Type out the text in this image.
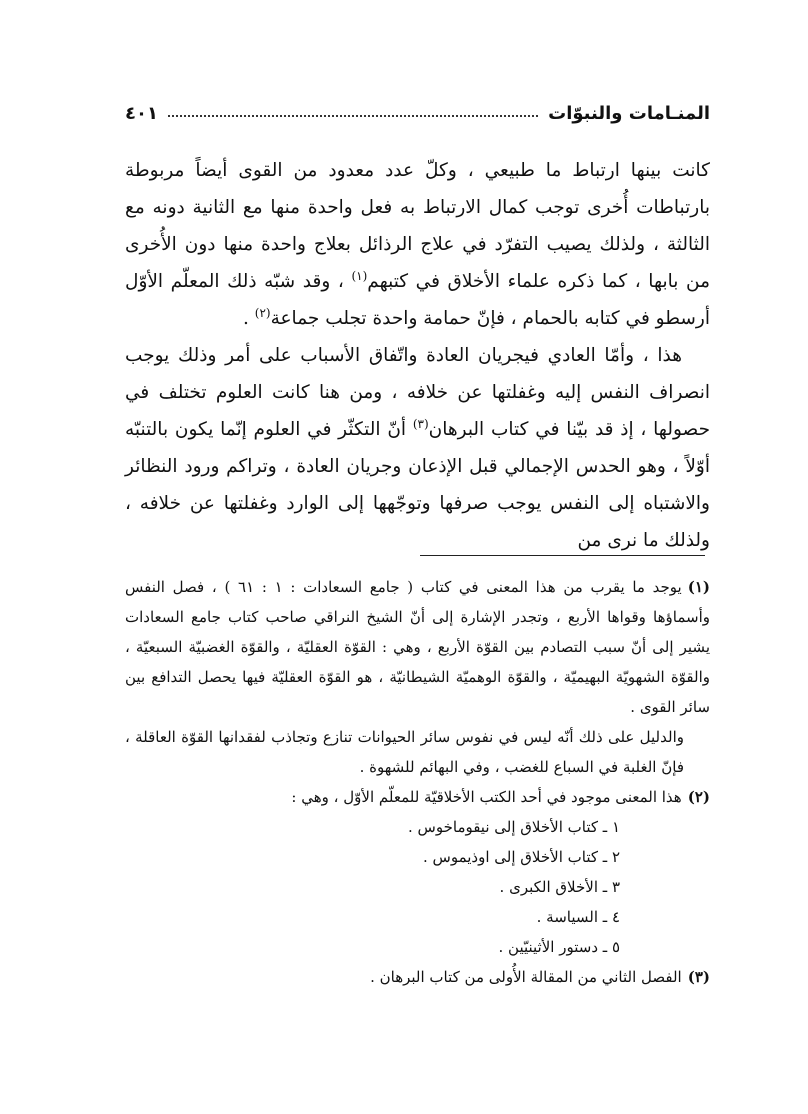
المنـامات والنبوّات
٤٠١

كانت بينها ارتباط ما طبيعي ، وكلّ عدد معدود من القوى أيضاً مربوطة بارتباطات أُخرى توجب كمال الارتباط به فعل واحدة منها مع الثانية دونه مع الثالثة ، ولذلك يصيب التفرّد في علاج الرذائل بعلاج واحدة منها دون الأُخرى من بابها ، كما ذكره علماء الأخلاق في كتبهم$^{(١)}$ ، وقد شبّه ذلك المعلّم الأوّل أرسطو في كتابه بالحمام ، فإنّ حمامة واحدة تجلب جماعة$^{(٢)}$ .

هذا ، وأمّا العادي فيجريان العادة واتّفاق الأسباب على أمر وذلك يوجب انصراف النفس إليه وغفلتها عن خلافه ، ومن هنا كانت العلوم تختلف في حصولها ، إذ قد بيّنا في كتاب البرهان$^{(٣)}$ أنّ التكثّر في العلوم إنّما يكون بالتنبّه أوّلاً ، وهو الحدس الإجمالي قبل الإذعان وجريان العادة ، وتراكم ورود النظائر والاشتباه إلى النفس يوجب صرفها وتوجّهها إلى الوارد وغفلتها عن خلافه ، ولذلك ما نرى من

(١)يوجد ما يقرب من هذا المعنى في كتاب ( جامع السعادات : ١ : ٦١ ) ، فصل النفس وأسماؤها وقواها الأربع ، وتجدر الإشارة إلى أنّ الشيخ النراقي صاحب كتاب جامع السعادات يشير إلى أنّ سبب التصادم بين القوّة الأربع ، وهي : القوّة العقليّة ، والقوّة الغضبيّة السبعيّة ، والقوّة الشهويّة البهيميّة ، والقوّة الوهميّة الشيطانيّة ، هو القوّة العقليّة فيها يحصل التدافع بين سائر القوى .
والدليل على ذلك أنّه ليس في نفوس سائر الحيوانات تنازع وتجاذب لفقدانها القوّة العاقلة ، فإنّ الغلبة في السباع للغضب ، وفي البهائم للشهوة .
(٢)هذا المعنى موجود في أحد الكتب الأخلاقيّة للمعلّم الأوّل ، وهي :
١ ـ كتاب الأخلاق إلى نيقوماخوس .
٢ ـ كتاب الأخلاق إلى اوذيموس .
٣ ـ الأخلاق الكبرى .
٤ ـ السياسة .
٥ ـ دستور الأثينيّين .
(٣)الفصل الثاني من المقالة الأُولى من كتاب البرهان .
